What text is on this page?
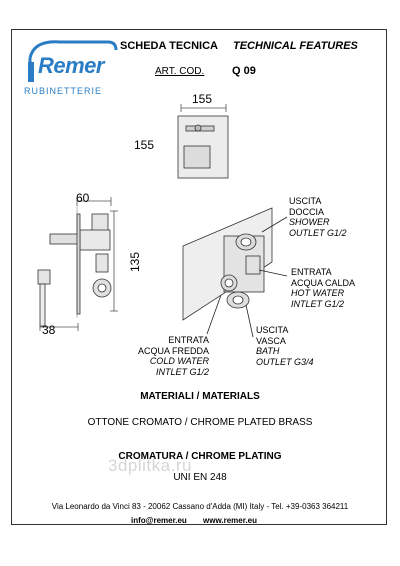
Remer
RUBINETTERIE
SCHEDA TECNICA TECHNICAL FEATURES
ART. COD.	Q 09
155
155
60
135
38
USCITA
DOCCIA
SHOWER
OUTLET G1/2
ENTRATA
ACQUA CALDA
HOT WATER
INTLET G1/2
USCITA
VASCA
BATH
OUTLET G3/4
ENTRATA
ACQUA FREDDA
COLD WATER
INTLET G1/2
MATERIALI / MATERIALS
OTTONE CROMATO / CHROME PLATED BRASS
CROMATURA / CHROME PLATING
3dplitka.ru
UNI EN 248
Via Leonardo da Vinci 83 - 20062 Cassano d'Adda (MI) Italy - Tel. +39-0363 364211
info@remer.eu www.remer.eu
